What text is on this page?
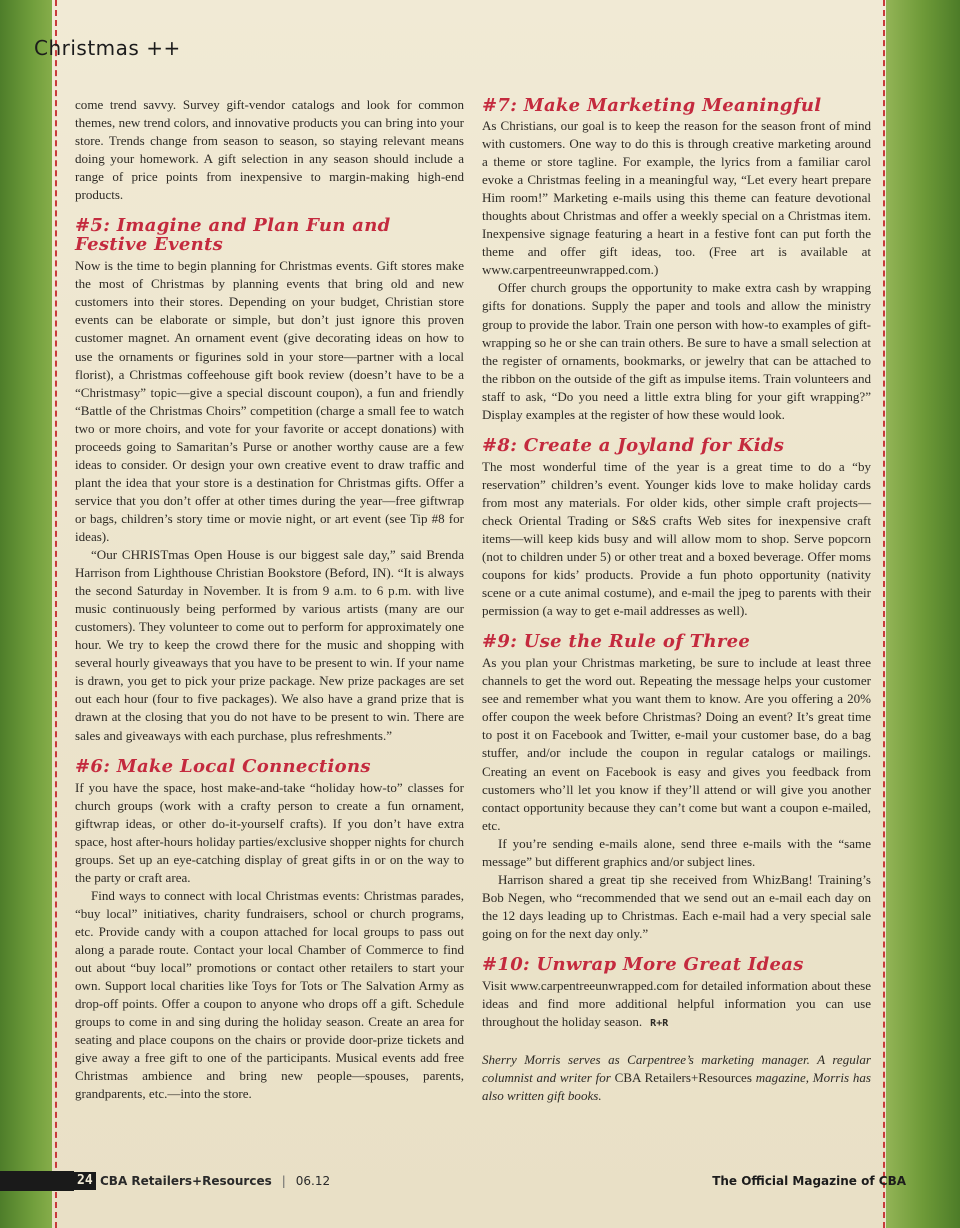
Christmas ++

come trend savvy. Survey gift-vendor catalogs and look for common themes, new trend colors, and innovative products you can bring into your store. Trends change from season to season, so staying relevant means doing your homework. A gift selection in any season should include a range of price points from inexpensive to margin-making high-end products.

#5: Imagine and Plan Fun and Festive Events

Now is the time to begin planning for Christmas events. Gift stores make the most of Christmas by planning events that bring old and new customers into their stores. Depending on your budget, Christian store events can be elaborate or simple, but don’t just ignore this proven customer magnet. An ornament event (give decorating ideas on how to use the ornaments or figurines sold in your store—partner with a local florist), a Christmas coffeehouse gift book review (doesn’t have to be a “Christmasy” topic—give a special discount coupon), a fun and friendly “Battle of the Christmas Choirs” competition (charge a small fee to watch two or more choirs, and vote for your favorite or accept donations) with proceeds going to Samaritan’s Purse or another worthy cause are a few ideas to consider. Or design your own creative event to draw traffic and plant the idea that your store is a destination for Christmas gifts. Offer a service that you don’t offer at other times during the year—free giftwrap or bags, children’s story time or movie night, or art event (see Tip #8 for ideas).

“Our CHRISTmas Open House is our biggest sale day,” said Brenda Harrison from Lighthouse Christian Bookstore (Beford, IN). “It is always the second Saturday in November. It is from 9 a.m. to 6 p.m. with live music continuously being performed by various artists (many are our customers). They volunteer to come out to perform for approximately one hour. We try to keep the crowd there for the music and shopping with several hourly giveaways that you have to be present to win. If your name is drawn, you get to pick your prize package. New prize packages are set out each hour (four to five packages). We also have a grand prize that is drawn at the closing that you do not have to be present to win. There are sales and giveaways with each purchase, plus refreshments.”

#6: Make Local Connections

If you have the space, host make-and-take “holiday how-to” classes for church groups (work with a crafty person to create a fun ornament, giftwrap ideas, or other do-it-yourself crafts). If you don’t have extra space, host after-hours holiday parties/exclusive shopper nights for church groups. Set up an eye-catching display of great gifts in or on the way to the party or craft area.

Find ways to connect with local Christmas events: Christmas parades, “buy local” initiatives, charity fundraisers, school or church programs, etc. Provide candy with a coupon attached for local groups to pass out along a parade route. Contact your local Chamber of Commerce to find out about “buy local” promotions or contact other retailers to start your own. Support local charities like Toys for Tots or The Salvation Army as drop-off points. Offer a coupon to anyone who drops off a gift. Schedule groups to come in and sing during the holiday season. Create an area for seating and place coupons on the chairs or provide door-prize tickets and give away a free gift to one of the participants. Musical events add free Christmas ambience and bring new people—spouses, parents, grandparents, etc.—into the store.

#7: Make Marketing Meaningful

As Christians, our goal is to keep the reason for the season front of mind with customers. One way to do this is through creative marketing around a theme or store tagline. For example, the lyrics from a familiar carol evoke a Christmas feeling in a meaningful way, “Let every heart prepare Him room!” Marketing e-mails using this theme can feature devotional thoughts about Christmas and offer a weekly special on a Christmas item. Inexpensive signage featuring a heart in a festive font can put forth the theme and offer gift ideas, too. (Free art is available at www.carpentreeunwrapped.com.)

Offer church groups the opportunity to make extra cash by wrapping gifts for donations. Supply the paper and tools and allow the ministry group to provide the labor. Train one person with how-to examples of gift-wrapping so he or she can train others. Be sure to have a small selection at the register of ornaments, bookmarks, or jewelry that can be attached to the ribbon on the outside of the gift as impulse items. Train volunteers and staff to ask, “Do you need a little extra bling for your gift wrapping?” Display examples at the register of how these would look.

#8: Create a Joyland for Kids

The most wonderful time of the year is a great time to do a “by reservation” children’s event. Younger kids love to make holiday cards from most any materials. For older kids, other simple craft projects—check Oriental Trading or S&S crafts Web sites for inexpensive craft items—will keep kids busy and will allow mom to shop. Serve popcorn (not to children under 5) or other treat and a boxed beverage. Offer moms coupons for kids’ products. Provide a fun photo opportunity (nativity scene or a cute animal costume), and e-mail the jpeg to parents with their permission (a way to get e-mail addresses as well).

#9: Use the Rule of Three

As you plan your Christmas marketing, be sure to include at least three channels to get the word out. Repeating the message helps your customer see and remember what you want them to know. Are you offering a 20% offer coupon the week before Christmas? Doing an event? It’s great time to post it on Facebook and Twitter, e-mail your customer base, do a bag stuffer, and/or include the coupon in regular catalogs or mailings. Creating an event on Facebook is easy and gives you feedback from customers who’ll let you know if they’ll attend or will give you another contact opportunity because they can’t come but want a coupon e-mailed, etc.

If you’re sending e-mails alone, send three e-mails with the “same message” but different graphics and/or subject lines.

Harrison shared a great tip she received from WhizBang! Training’s Bob Negen, who “recommended that we send out an e-mail each day on the 12 days leading up to Christmas. Each e-mail had a very special sale going on for the next day only.”

#10: Unwrap More Great Ideas

Visit www.carpentreeunwrapped.com for detailed information about these ideas and find more additional helpful information you can use throughout the holiday season. R+R

Sherry Morris serves as Carpentree’s marketing manager. A regular columnist and writer for CBA Retailers+Resources magazine, Morris has also written gift books.

24 CBA Retailers+Resources | 06.12	The Official Magazine of CBA
